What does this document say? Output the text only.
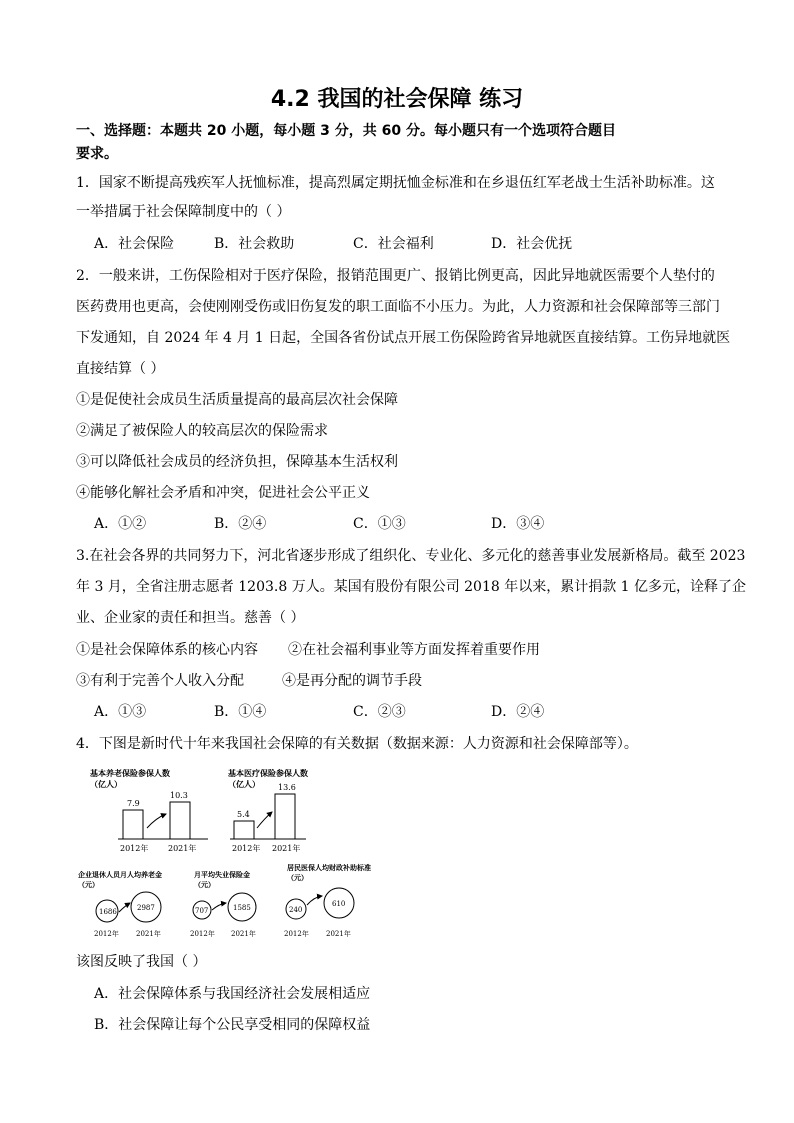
4.2 我国的社会保障 练习
一、选择题：本题共 20 小题，每小题 3 分，共 60 分。每小题只有一个选项符合题目
要求。
1．国家不断提高残疾军人抚恤标准，提高烈属定期抚恤金标准和在乡退伍红军老战士生活补助标准。这
一举措属于社会保障制度中的（ ）
A．社会保险	B．社会救助	C．社会福利	D．社会优抚
2．一般来讲，工伤保险相对于医疗保险，报销范围更广、报销比例更高，因此异地就医需要个人垫付的
医药费用也更高，会使刚刚受伤或旧伤复发的职工面临不小压力。为此，人力资源和社会保障部等三部门
下发通知，自 2024 年 4 月 1 日起，全国各省份试点开展工伤保险跨省异地就医直接结算。工伤异地就医
直接结算（ ）
①是促使社会成员生活质量提高的最高层次社会保障
②满足了被保险人的较高层次的保险需求
③可以降低社会成员的经济负担，保障基本生活权利
④能够化解社会矛盾和冲突，促进社会公平正义
A．①②	B．②④	C．①③	D．③④
3.在社会各界的共同努力下，河北省逐步形成了组织化、专业化、多元化的慈善事业发展新格局。截至 2023
年 3 月，全省注册志愿者 1203.8 万人。某国有股份有限公司 2018 年以来，累计捐款 1 亿多元，诠释了企
业、企业家的责任和担当。慈善（ ）
①是社会保障体系的核心内容 ②在社会福利事业等方面发挥着重要作用
③有利于完善个人收入分配	④是再分配的调节手段
A．①③	B．①④	C．②③	D．②④
4．下图是新时代十年来我国社会保障的有关数据（数据来源：人力资源和社会保障部等）。
基本养老保险参保人数
（亿人）
7.9
10.3
2012年 2021年
基本医疗保险参保人数
（亿人）
5.4
13.6
2012年 2021年
企业退休人员月人均养老金
（元）
1686	2987
2012年 2021年
月平均失业保险金
（元）
707	1585
2012年 2021年
居民医保人均财政补助标准
（元）
240
610
2012年 2021年
该图反映了我国（ ）
A．社会保障体系与我国经济社会发展相适应
B．社会保障让每个公民享受相同的保障权益
